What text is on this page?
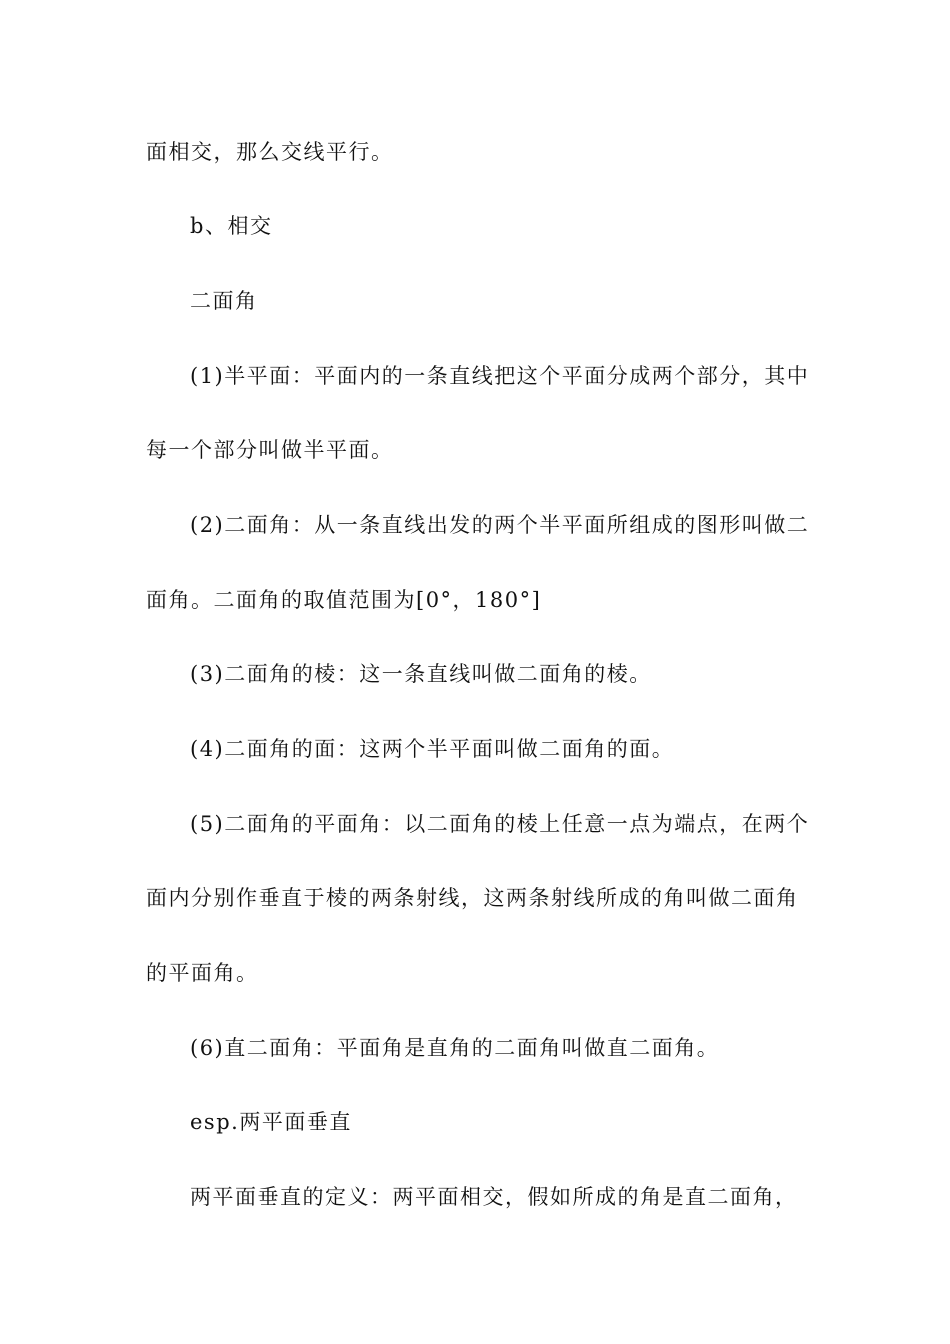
面相交，那么交线平行。

b、相交

二面角

(1)半平面：平面内的一条直线把这个平面分成两个部分，其中

每一个部分叫做半平面。

(2)二面角：从一条直线出发的两个半平面所组成的图形叫做二

面角。二面角的取值范围为[0°，180°]

(3)二面角的棱：这一条直线叫做二面角的棱。

(4)二面角的面：这两个半平面叫做二面角的面。

(5)二面角的平面角：以二面角的棱上任意一点为端点，在两个

面内分别作垂直于棱的两条射线，这两条射线所成的角叫做二面角

的平面角。

(6)直二面角：平面角是直角的二面角叫做直二面角。

esp.两平面垂直

两平面垂直的定义：两平面相交，假如所成的角是直二面角，
